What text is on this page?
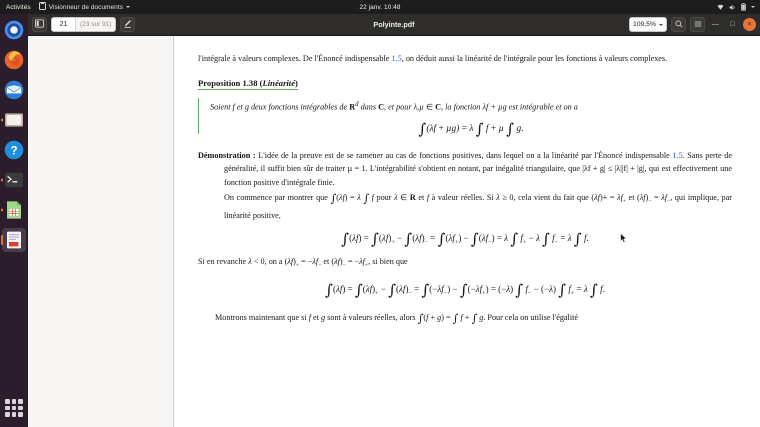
Activités	Visionneur de documents	22 janv. 10:48
?
21	(23 sur 91)	Polyinte.pdf	109,5%	—	□	×

l'intégrale à valeurs complexes. De l'Énoncé indispensable 1.5, on déduit aussi la linéarité de l'intégrale pour les fonctions à valeurs complexes.

Proposition 1.38 (Linéarité)

Soient f et g deux fonctions intégrables de $R^d$ dans C, et pour λ,µ ∈ C, la fonction λf + µg est intégrable et on a

∫(λf + µg) = λ ∫ f + µ ∫ g.

Démonstration : L'idée de la preuve est de se ramener au cas de fonctions positives, dans lequel on a la linéarité par l'Énoncé indispensable 1.5. Sans perte de généralité, il suffit bien sûr de traiter µ = 1. L'intégrabilité s'obtient en notant, par inégalité triangulaire, que |λf + g| ≤ |λ||f| + |g|, qui est effectivement une fonction positive d'intégrale finie.

On commence par montrer que ∫(λf) = λ ∫ f pour λ ∈ R et f à valeur réelles. Si λ ≥ 0, cela vient du fait que $(\lambda f)+ = \lambda f_+$ et $(\lambda f)_- = \lambda f_-$, qui implique, par linéarité positive,

$\int(\lambda f) = \int(\lambda f)_+ - \int(\lambda f)_- = \int(\lambda f_+) - \int(\lambda f_-) = \lambda$ ∫ $f_+ - \lambda$ ∫ $f_- = \lambda$ ∫ f.

Si en revanche λ < 0, on a $(\lambda f)_+ = -\lambda f_-$ et $(\lambda f)_- = -\lambda f_+$, si bien que

$\int(\lambda f) = \int(\lambda f)_+ - \int(\lambda f)_- = \int(-\lambda f_-) - \int(-\lambda f_+) = (-\lambda)$ ∫ $f_- - (-\lambda)$ ∫ $f_+ = \lambda$ ∫ f.

Montrons maintenant que si f et g sont à valeurs réelles, alors ∫(f + g) = ∫ f + ∫ g. Pour cela on utilise l'égalité
